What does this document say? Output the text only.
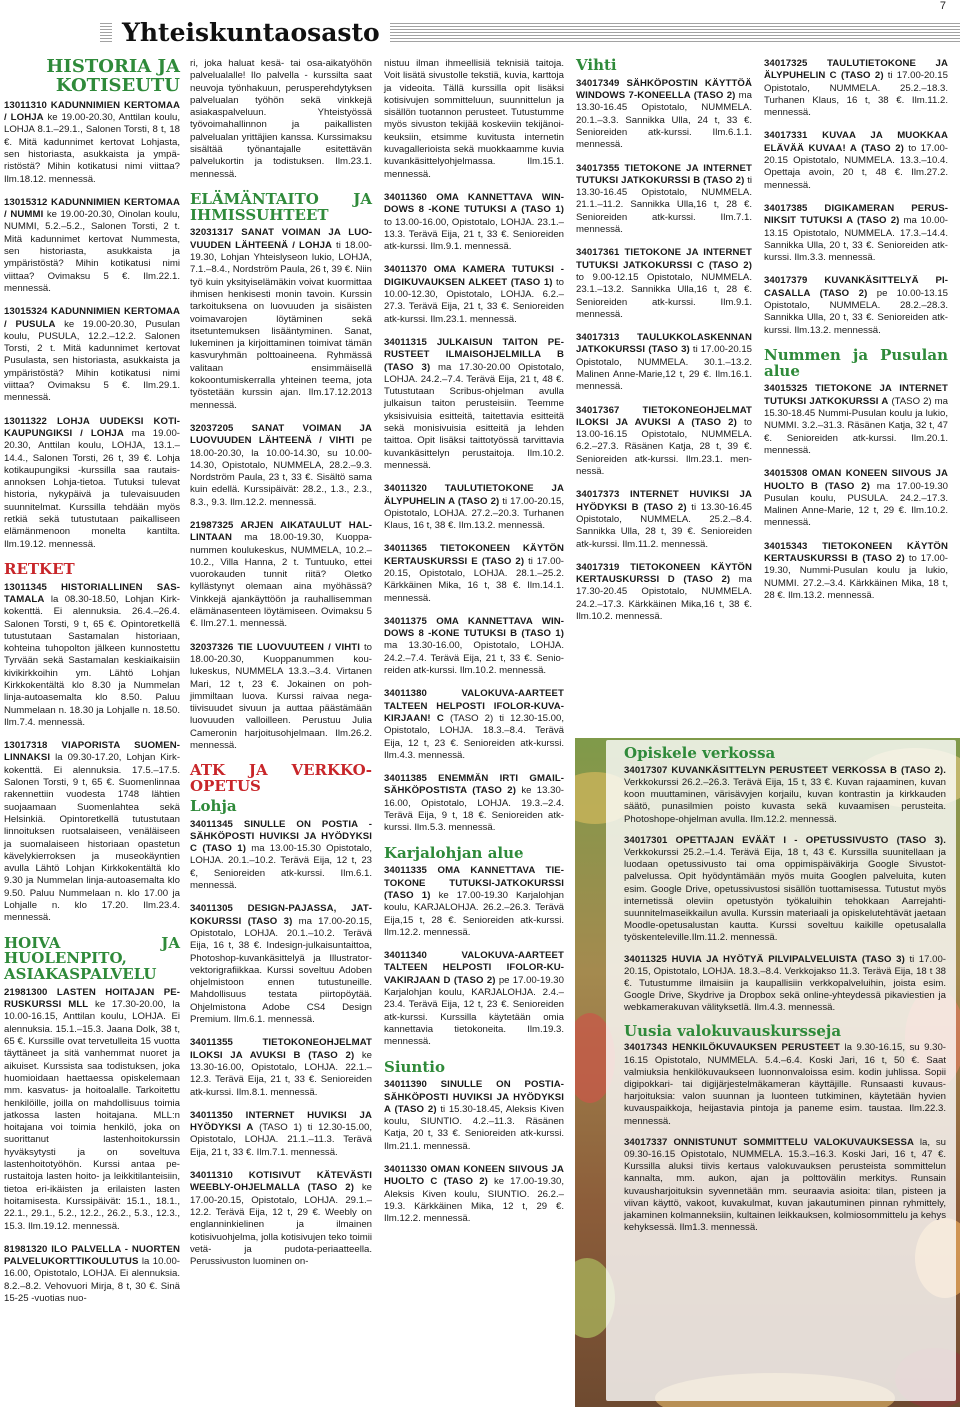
Yhteiskuntaosasto
7
HISTORIA JA KOTISEUTU

13011310 KADUNNIMIEN KERTOMAA / LOHJA ke 19.00-20.30, Anttilan koulu, LOHJA 8.1.–29.1., Salonen Torsti, 8 t, 18 €. Mitä kadunnimet kertovat Lohjasta, sen historiasta, asukkaista ja ympäristöstä? Mihin kotikatusi nimi viittaa? Ilm.18.12. mennessä.

13015312 KADUNNIMIEN KERTOMAA / NUMMI ke 19.00-20.30, Oinolan koulu, NUMMI, 5.2.–5.2., Salonen Torsti, 2 t. Mitä kadunnimet kertovat Nummesta, sen historiasta, asukkaista ja ympäristöstä? Mihin kotikatusi nimi viittaa? Ovimaksu 5 €. Ilm.22.1. mennessä.

13015324 KADUNNIMIEN KERTOMAA / PUSULA ke 19.00-20.30, Pusulan koulu, PUSULA, 12.2.–12.2. Salonen Torsti, 2 t. Mitä kadunnimet kertovat Pusulasta, sen historiasta, asukkaista ja ympäristöstä? Mihin kotikatusi nimi viittaa? Ovimaksu 5 €. Ilm.29.1. mennessä.

13011322 LOHJA UUDEKSI KOTIKAUPUNGIKSI / LOHJA ma 19.00-20.30, Anttilan koulu, LOHJA, 13.1.–14.4., Salonen Torsti, 26 t, 39 €. Lohja kotikaupungiksi -kurssilla saa rautaisannoksen Lohja-tietoa. Tutuksi tulevat historia, nykypäivä ja tulevaisuuden suunnitelmat. Kurssilla tehdään myös retkiä sekä tutustutaan paikalliseen elämänmenoon monelta kantilta. Ilm.19.12. mennessä.

RETKET

13011345 HISTORIALLINEN SASTAMALA la 08.30-18.50, Lohjan Kirkkokenttä. Ei alennuksia. 26.4.–26.4. Salonen Torsti, 9 t, 65 €. Opintoretkellä tutustutaan Sastamalan historiaan, kohteina tuhopolton jälkeen kunnostettu Tyrvään sekä Sastamalan keskiaikaisiin kivikirkkoihin ym. Lähtö Lohjan Kirkkokentältä klo 8.30 ja Nummelan linja-autoasemalta klo 8.50. Paluu Nummelaan n. 18.30 ja Lohjalle n. 18.50. Ilm.7.4. mennessä.

13017318 VIAPORISTA SUOMENLINNAKSI la 09.30-17.20, Lohjan Kirkkokenttä. Ei alennuksia. 17.5.–17.5. Salonen Torsti, 9 t, 65 €. Suomenlinnaa rakennettiin vuodesta 1748 lähtien suojaamaan Suomenlahtea sekä Helsinkiä. Opintoretkellä tutustutaan linnoituksen ruotsalaiseen, venäläiseen ja suomalaiseen historiaan opastetun kävelykierroksen ja museokäyntien avulla Lähtö Lohjan Kirkkokentältä klo 9.30 ja Nummelan linja-autoasemalta klo 9.50. Paluu Nummelaan n. klo 17.00 ja Lohjalle n. klo 17.20. Ilm.23.4. mennessä.

HOIVA JA HUOLENPITO, ASIAKASPALVELU

21981300 LASTEN HOITAJAN PERUSKURSSI MLL ke 17.30-20.00, la 10.00-16.15, Anttilan koulu, LOHJA. Ei alennuksia. 15.1.–15.3. Jaana Dolk, 38 t, 65 €. Kurssille ovat tervetulleita 15 vuotta täyttäneet ja sitä vanhemmat nuoret ja aikuiset. Kurssista saa todistuksen, joka huomioidaan haettaessa opiskelemaan mm. kasvatus- ja hoitoalalle. Tarkoitettu henkilöille, joilla on mahdollisuus toimia jatkossa lasten hoitajana. MLL:n hoitajana voi toimia henkilö, joka on suorittanut lastenhoitokurssin hyväksytysti ja on soveltuva lastenhoitotyöhön. Kurssi antaa perustaitoja lasten hoito- ja leikkitilanteisiin, tietoa eri-ikäisten ja erilaisten lasten hoitamisesta. Kurssipäivät: 15.1., 18.1., 22.1., 29.1., 5.2., 12.2., 26.2., 5.3., 12.3., 15.3. Ilm.19.12. mennessä.

81981320 ILO PALVELLA - NUORTEN PALVELUKORTTIKOULUTUS la 10.00-16.00, Opistotalo, LOHJA. Ei alennuksia. 8.2.–8.2. Vehovuori Mirja, 8 t, 30 €. Sinä 15-25 -vuotias nuo-

ri, joka haluat kesä- tai osa-aikatyöhön palvelualalle! Ilo palvella - kurssilta saat neuvoja työnhakuun, perusperehdytyksen palvelualan työhön sekä vinkkejä asiakaspalveluun. Yhteistyössä työvoimahallinnon ja paikallisten palvelualan yrittäjien kanssa. Kurssimaksu sisältää työnantajalle esitettävän palvelukortin ja todistuksen. Ilm.23.1. mennessä.

ELÄMÄNTAITO JA IHMISSUHTEET

32031317 SANAT VOIMAN JA LUOVUUDEN LÄHTEENÄ / LOHJA ti 18.00-19.30, Lohjan Yhteislyseon lukio, LOHJA, 7.1.–8.4., Nordström Paula, 26 t, 39 €. Niin työ kuin yksityiselämäkin voivat kuormittaa ihmisen henkisesti monin tavoin. Kurssin tarkoituksena on luovuuden ja sisäisten voimavarojen löytäminen sekä itsetuntemuksen lisääntyminen. Sanat, lukeminen ja kirjoittaminen toimivat tämän kasvuryhmän polttoaineena. Ryhmässä valitaan ensimmäisellä kokoontumiskerralla yhteinen teema, jota työstetään kurssin ajan. Ilm.17.12.2013 mennessä.

32037205 SANAT VOIMAN JA LUOVUUDEN LÄHTEENÄ / VIHTI pe 18.00-20.30, la 10.00-14.30, su 10.00-14.30, Opistotalo, NUMMELA, 28.2.–9.3. Nordström Paula, 23 t, 33 €. Sisältö sama kuin edellä. Kurssipäivät: 28.2., 1.3., 2.3., 8.3., 9.3. Ilm.12.2. mennessä.

21987325 ARJEN AIKATAULUT HALLINTAAN ma 18.00-19.30, Kuoppanummen koulukeskus, NUMMELA, 10.2.–10.2., Villa Hanna, 2 t. Tuntuuko, ettei vuorokauden tunnit riitä? Oletko kyllästynyt olemaan aina myöhässä? Vinkkejä ajankäyttöön ja rauhallisemman elämänasenteen löytämiseen. Ovimaksu 5 €. Ilm.27.1. mennessä.

32037326 TIE LUOVUUTEEN / VIHTI to 18.00-20.30, Kuoppanummen koulukeskus, NUMMELA 13.3.–3.4. Virtanen Mari, 12 t, 23 €. Jokainen on pohjimmiltaan luova. Kurssi raivaa negatiivisuudet sivuun ja auttaa päästämään luovuuden valloilleen. Perustuu Julia Cameronin harjoitusohjelmaan. Ilm.26.2. mennessä.

ATK JA VERKKOOPETUS
Lohja

34011345 SINULLE ON POSTIA - SÄHKÖPOSTI HUVIKSI JA HYÖDYKSI C (TASO 1) ma 13.00-15.30 Opistotalo, LOHJA. 20.1.–10.2. Terävä Eija, 12 t, 23 €, Senioreiden atk-kurssi. Ilm.6.1. mennessä.

34011305 DESIGN-PAJASSA, JATKOKURSSI (TASO 3) ma 17.00-20.15, Opistotalo, LOHJA. 20.1.–10.2. Terävä Eija, 16 t, 38 €. Indesign-julkaisuntaittoa, Photoshop-kuvankäsittelyä ja Illustrator-vektorigrafiikkaa. Kurssi soveltuu Adoben ohjelmistoon ennen tutustuneille. Mahdollisuus testata piirtopöytää. Ohjelmistona Adobe CS4 Design Premium. Ilm.6.1. mennessä.

34011355 TIETOKONEOHJELMAT ILOKSI JA AVUKSI B (TASO 2) ke 13.30-16.00, Opistotalo, LOHJA. 22.1.–12.3. Terävä Eija, 21 t, 33 €. Senioreiden atk-kurssi. Ilm.8.1. mennessä.

34011350 INTERNET HUVIKSI JA HYÖDYKSI A (TASO 1) ti 12.30-15.00, Opistotalo, LOHJA. 21.1.–11.3. Terävä Eija, 21 t, 33 €. Ilm.7.1. mennessä.

34011310 KOTISIVUT KÄTEVÄSTI WEEBLY-OHJELMALLA (TASO 2) ke 17.00-20.15, Opistotalo, LOHJA. 29.1.–12.2. Terävä Eija, 12 t, 29 €. Weebly on englanninkielinen ja ilmainen kotisivuohjelma, jolla kotisivujen teko toimii vetä- ja pudota-periaatteella. Perussivuston luominen on-

nistuu ilman ihmeellisiä teknisiä taitoja. Voit lisätä sivustolle tekstiä, kuvia, karttoja ja videoita. Tällä kurssilla opit lisäksi kotisivujen sommitteluun, suunnittelun ja sisällön tuotannon perusteet. Tutustumme myös sivuston tekijää koskeviin tekijänoikeuksiin, etsimme kuvitusta internetin kuvagallerioista sekä muokkaamme kuvia kuvankäsittelyohjelmassa. Ilm.15.1. mennessä.

34011360 OMA KANNETTAVA WINDOWS 8 -KONE TUTUKSI A (TASO 1) to 13.00-16.00, Opistotalo, LOHJA. 23.1.–13.3. Terävä Eija, 21 t, 33 €. Senioreiden atk-kurssi. Ilm.9.1. mennessä.

34011370 OMA KAMERA TUTUKSI - DIGIKUVAUKSEN ALKEET (TASO 1) to 10.00-12.30, Opistotalo, LOHJA. 6.2.–27.3. Terävä Eija, 21 t, 33 €. Senioreiden atk-kurssi. Ilm.23.1. mennessä.

34011315 JULKAISUN TAITON PERUSTEET ILMAISOHJELMILLA B (TASO 3) ma 17.30-20.00 Opistotalo, LOHJA. 24.2.–7.4. Terävä Eija, 21 t, 48 €. Tutustutaan Scribus-ohjelman avulla julkaisun taiton perusteisiin. Teemme yksisivuisia esitteitä, taitettavia esitteitä sekä monisivuisia esitteitä ja lehden taittoa. Opit lisäksi taittotyössä tarvittavia kuvankäsittelyn perustaitoja. Ilm.10.2. mennessä.

34011320 TAULUTIETOKONE JA ÄLYPUHELIN A (TASO 2) ti 17.00-20.15, Opistotalo, LOHJA. 27.2.–20.3. Turhanen Klaus, 16 t, 38 €. Ilm.13.2. mennessä.

34011365 TIETOKONEEN KÄYTÖN KERTAUSKURSSI E (TASO 2) ti 17.00-20.15, Opistotalo, LOHJA. 28.1.–25.2. Kärkkäinen Mika, 16 t, 38 €. Ilm.14.1. mennessä.

34011375 OMA KANNETTAVA WINDOWS 8 -KONE TUTUKSI B (TASO 1) ma 13.30-16.00, Opistotalo, LOHJA. 24.2.–7.4. Terävä Eija, 21 t, 33 €. Senioreiden atk-kurssi. Ilm.10.2. mennessä.

34011380 VALOKUVA-AARTEET TALTEEN HELPOSTI IFOLOR-KUVAKIRJAAN! C (TASO 2) ti 12.30-15.00, Opistotalo, LOHJA. 18.3.–8.4. Terävä Eija, 12 t, 23 €. Senioreiden atk-kurssi. Ilm.4.3. mennessä.

34011385 ENEMMÄN IRTI GMAILSÄHKÖPOSTISTA (TASO 2) ke 13.30-16.00, Opistotalo, LOHJA. 19.3.–2.4. Terävä Eija, 9 t, 18 €. Senioreiden atk-kurssi. Ilm.5.3. mennessä.

Karjalohjan alue

34011335 OMA KANNETTAVA TIETOKONE TUTUKSI-JATKOKURSSI (TASO 1) ke 17.00-19.30 Karjalohjan koulu, KARJALOHJA. 26.2.–26.3. Terävä Eija,15 t, 28 €. Senioreiden atk-kurssi. Ilm.12.2. mennessä.

34011340 VALOKUVA-AARTEET TALTEEN HELPOSTI IFOLOR-KUVAKIRJAAN D (TASO 2) pe 17.00-19.30 Karjalohjan koulu, KARJALOHJA. 2.4.–23.4. Terävä Eija, 12 t, 23 €. Senioreiden atk-kurssi. Kurssilla käytetään omia kannettavia tietokoneita. Ilm.19.3. mennessä.

Siuntio

34011390 SINULLE ON POSTIASÄHKÖPOSTI HUVIKSI JA HYÖDYKSI A (TASO 2) ti 15.30-18.45, Aleksis Kiven koulu, SIUNTIO. 4.2.–11.3. Räsänen Katja, 20 t, 33 €. Senioreiden atk-kurssi. Ilm.21.1. mennessä.

34011330 OMAN KONEEN SIIVOUS JA HUOLTO C (TASO 2) ke 17.00-19.30, Aleksis Kiven koulu, SIUNTIO. 26.2.–19.3. Kärkkäinen Mika, 12 t, 29 €. Ilm.12.2. mennessä.

Vihti

34017349 SÄHKÖPOSTIN KÄYTTÖÄ WINDOWS 7-KONEELLA (TASO 2) ma 13.30-16.45 Opistotalo, NUMMELA. 20.1.–3.3. Sannikka Ulla, 24 t, 33 €. Senioreiden atk-kurssi. Ilm.6.1.1. mennessä.

34017355 TIETOKONE JA INTERNET TUTUKSI JATKOKURSSI B (TASO 2) ti 13.30-16.45 Opistotalo, NUMMELA. 21.1.–11.2. Sannikka Ulla,16 t, 28 €. Senioreiden atk-kurssi. Ilm.7.1. mennessä.

34017361 TIETOKONE JA INTERNET TUTUKSI JATKOKURSSI C (TASO 2) to 9.00-12.15 Opistotalo, NUMMELA. 23.1.–13.2. Sannikka Ulla,16 t, 28 €. Senioreiden atk-kurssi. Ilm.9.1. mennessä.

34017313 TAULUKKOLASKENNAN JATKOKURSSI (TASO 3) ti 17.00-20.15 Opistotalo, NUMMELA. 30.1.–13.2. Malinen Anne-Marie,12 t, 29 €. Ilm.16.1. mennessä.

34017367 TIETOKONEOHJELMAT ILOKSI JA AVUKSI A (TASO 2) to 13.00-16.15 Opistotalo, NUMMELA. 6.2.–27.3. Räsänen Katja, 28 t, 39 €. Senioreiden atk-kurssi. Ilm.23.1. mennessä.

34017373 INTERNET HUVIKSI JA HYÖDYKSI B (TASO 2) ti 13.30-16.45 Opistotalo, NUMMELA. 25.2.–8.4. Sannikka Ulla, 28 t, 39 €. Senioreiden atk-kurssi. Ilm.11.2. mennessä.

34017319 TIETOKONEEN KÄYTÖN KERTAUSKURSSI D (TASO 2) ma 17.30-20.45 Opistotalo, NUMMELA. 24.2.–17.3. Kärkkäinen Mika,16 t, 38 €. Ilm.10.2. mennessä.

34017325 TAULUTIETOKONE JA ÄLYPUHELIN C (TASO 2) ti 17.00-20.15 Opistotalo, NUMMELA. 25.2.–18.3. Turhanen Klaus, 16 t, 38 €. Ilm.11.2. mennessä.

34017331 KUVAA JA MUOKKAA ELÄVÄÄ KUVAA! A (TASO 2) to 17.00-20.15 Opistotalo, NUMMELA. 13.3.–10.4. Opettaja avoin, 20 t, 48 €. Ilm.27.2. mennessä.

34017385 DIGIKAMERAN PERUSNIKSIT TUTUKSI A (TASO 2) ma 10.00-13.15 Opistotalo, NUMMELA. 17.3.–14.4. Sannikka Ulla, 20 t, 33 €. Senioreiden atk-kurssi. Ilm.3.3. mennessä.

34017379 KUVANKÄSITTELYÄ PICASALLA (TASO 2) pe 10.00-13.15 Opistotalo, NUMMELA. 28.2.–28.3. Sannikka Ulla, 20 t, 33 €. Senioreiden atk-kurssi. Ilm.13.2. mennessä.

Nummen ja Pusulan alue

34015325 TIETOKONE JA INTERNET TUTUKSI JATKOKURSSI A (TASO 2) ma 15.30-18.45 Nummi-Pusulan koulu ja lukio, NUMMI. 3.2.–31.3. Räsänen Katja, 32 t, 47 €. Senioreiden atk-kurssi. Ilm.20.1. mennessä.

34015308 OMAN KONEEN SIIVOUS JA HUOLTO B (TASO 2) ma 17.00-19.30 Pusulan koulu, PUSULA. 24.2.–17.3. Malinen Anne-Marie, 12 t, 29 €. Ilm.10.2. mennessä.

34015343 TIETOKONEEN KÄYTÖN KERTAUSKURSSI B (TASO 2) to 17.00-19.30, Nummi-Pusulan koulu ja lukio, NUMMI. 27.2.–3.4. Kärkkäinen Mika, 18 t, 28 €. Ilm.13.2. mennessä.

Opiskele verkossa

34017307 KUVANKÄSITTELYN PERUSTEET VERKOSSA B (TASO 2). Verkkokurssi 26.2.–26.3. Terävä Eija, 15 t, 33 €. Kuvan rajaaminen, kuvan koon muuttaminen, värisävyjen korjailu, kuvan kontrastin ja kirkkauden säätö, punasilmien poisto kuvasta sekä kuvaamisen perusteita. Photoshope-ohjelman avulla. Ilm.12.2. mennessä.

34017301 OPETTAJAN EVÄÄT I - OPETUSSIVUSTO (TASO 3). Verkkokurssi 25.2.–1.4. Terävä Eija, 18 t, 43 €. Kurssilla suunitellaan ja luodaan opetussivusto tai oma oppimispäiväkirja Google Sivustot-palvelussa. Opit hyödyntämään myös muita Googlen palveluita, kuten esim. Google Drive, opetussivustosi sisällön tuottamisessa. Tutustut myös internetissä oleviin opetustyön työkaluihin tehokkaan Aarrejahtisuunnitelmaseikkailun avulla. Kurssin materiaali ja opiskelutehtävät jaetaan Moodle-opetusalustan kautta. Kurssi soveltuu kaikille opetusalalla työskenteleville.Ilm.11.2. mennessä.

34011325 HUVIA JA HYÖTYÄ PILVIPALVELUISTA (TASO 3) ti 17.00-20.15, Opistotalo, LOHJA. 18.3.–8.4. Verkkojakso 11.3. Terävä Eija, 18 t 38 €. Tutustumme ilmaisiin ja kaupallisiin verkkopalveluihin, joista esim. Google Drive, Skydrive ja Dropbox sekä online-yhteydessä pikaviestien ja webkamerakuvan välityksetlä. Ilm.4.3. mennessä.

Uusia valokuvauskursseja

34017343 HENKILÖKUVAUKSEN PERUSTEET la 9.30-16.15, su 9.30-16.15 Opistotalo, NUMMELA. 5.4.–6.4. Koski Jari, 16 t, 50 €. Saat valmiuksia henkilökuvaukseen luonnonvaloissa esim. kodin juhlissa. Sopii digipokkari- tai digijärjestelmäkameran käyttäjille. Runsaasti kuvausharjoituksia: valon suunnan ja luonteen tutkiminen, käytetään hyvien kuvauspaikkoja, heijastavia pintoja ja paneme esim. taustaa. Ilm.22.3. mennessä.

34017337 ONNISTUNUT SOMMITTELU VALOKUVAUKSESSA la, su 09.30-16.15 Opistotalo, NUMMELA. 15.3.–16.3. Koski Jari, 16 t, 47 €. Kurssilla aluksi tiivis kertaus valokuvauksen perusteista sommittelun kannalta, mm. aukon, ajan ja polttovälin merkitys. Runsain kuvausharjoituksin syvennetään mm. seuraavia asioita: tilan, pisteen ja viivan käyttö, vakoot, kuvakulmat, kuvan jakautuminen pinnan ryhmittely, jakaminen kolmanneksiin, kultainen leikkauksen, kolmiosommittelu ja kehys kehyksessä. Ilm1.3. mennessä.
